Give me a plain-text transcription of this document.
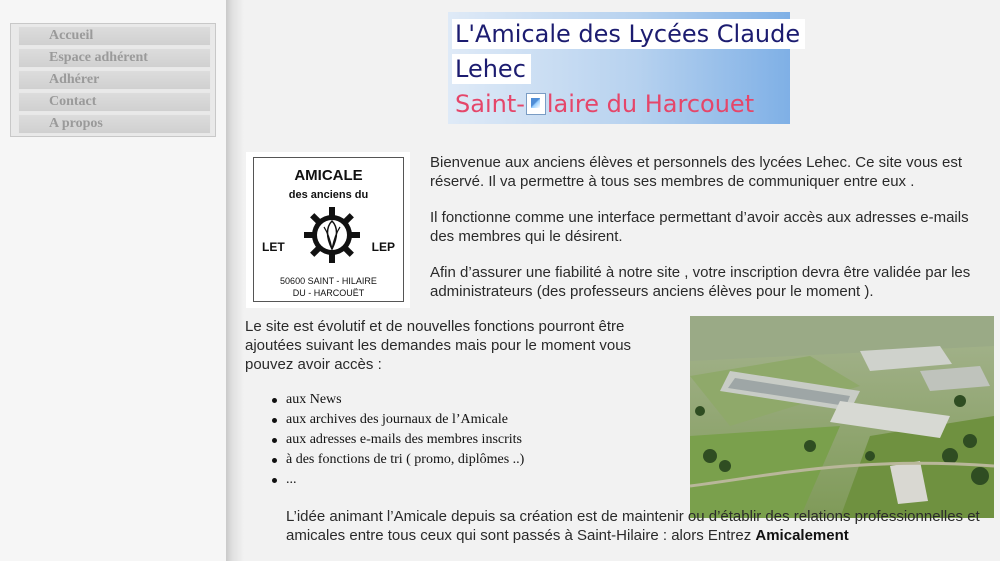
Accueil
Espace adhérent
Adhérer
Contact
A propos
L'Amicale des Lycées Claude
Lehec
Saint- laire du Harcouet
AMICALE
des anciens du
LET	LEP
50600 SAINT - HILAIRE
DU - HARCOUËT

Bienvenue aux anciens élèves et personnels des lycées Lehec. Ce site vous est réservé. Il va permettre à tous ses membres de communiquer entre eux .

Il fonctionne comme une interface permettant d’avoir accès aux adresses e-mails des membres qui le désirent.

Afin d’assurer une fiabilité à notre site , votre inscription devra être validée par les administrateurs (des professeurs anciens élèves pour le moment ).

Le site est évolutif et de nouvelles fonctions pourront être ajoutées suivant les demandes mais pour le moment vous pouvez avoir accès :

aux News
aux archives des journaux de l’Amicale
aux adresses e-mails des membres inscrits
à des fonctions de tri ( promo, diplômes ..)
...

L’idée animant l’Amicale depuis sa création est de maintenir ou d’établir des relations professionnelles et amicales entre tous ceux qui sont passés à Saint-Hilaire : alors Entrez Amicalement
